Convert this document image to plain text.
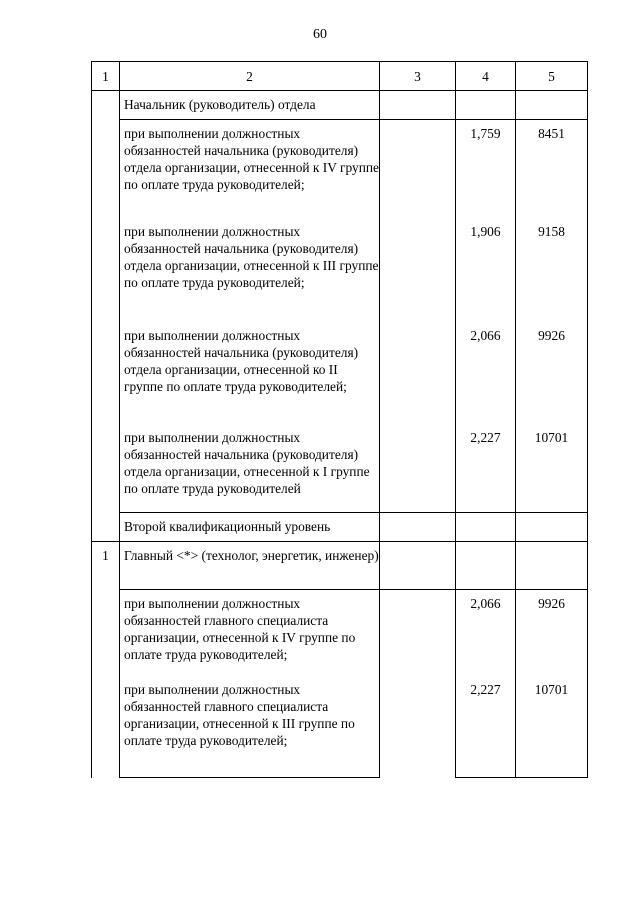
60
1	2	3	4	5

	Начальник (руководитель) отдела			

	при выполнении должностных обязанностей начальника (руководителя) отдела организации, отнесенной к IV группе по оплате труда руководителей;		1,759	8451

	при выполнении должностных обязанностей начальника (руководителя) отдела организации, отнесенной к III группе по оплате труда руководителей;		1,906	9158

	при выполнении должностных обязанностей начальника (руководителя) отдела организации, отнесенной ко II группе по оплате труда руководителей;		2,066	9926

	при выполнении должностных обязанностей начальника (руководителя) отдела организации, отнесенной к I группе по оплате труда руководителей		2,227	10701

	Второй квалификационный уровень			

1	Главный <*> (технолог, энергетик, инженер)			

	при выполнении должностных обязанностей главного специалиста организации, отнесенной к IV группе по оплате труда руководителей;		2,066	9926

	при выполнении должностных обязанностей главного специалиста организации, отнесенной к III группе по оплате труда руководителей;		2,227	10701
